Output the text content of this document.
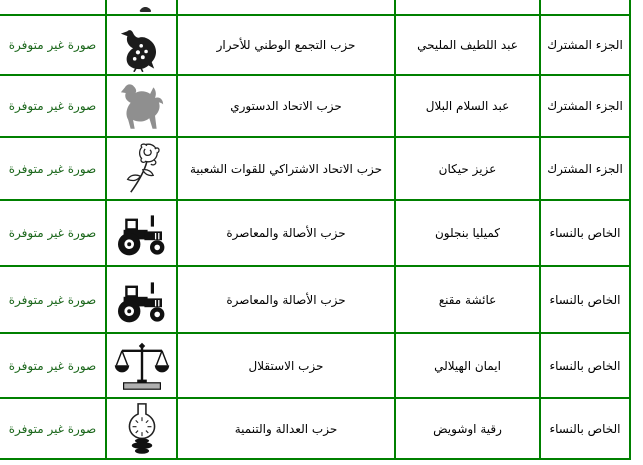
صورة غير متوفرة		حزب التجمع الوطني للأحرار	عبد اللطيف المليحي	الجزء المشترك
صورة غير متوفرة		حزب الاتحاد الدستوري	عبد السلام البلال	الجزء المشترك
صورة غير متوفرة		حزب الاتحاد الاشتراكي للقوات الشعبية	عزيز حيكان	الجزء المشترك
صورة غير متوفرة		حزب الأصالة والمعاصرة	كميليا بنجلون	الخاص بالنساء
صورة غير متوفرة		حزب الأصالة والمعاصرة	عائشة مقنع	الخاص بالنساء
صورة غير متوفرة		حزب الاستقلال	ايمان الهيلالي	الخاص بالنساء
صورة غير متوفرة		حزب العدالة والتنمية	رقية اوشويض	الخاص بالنساء
